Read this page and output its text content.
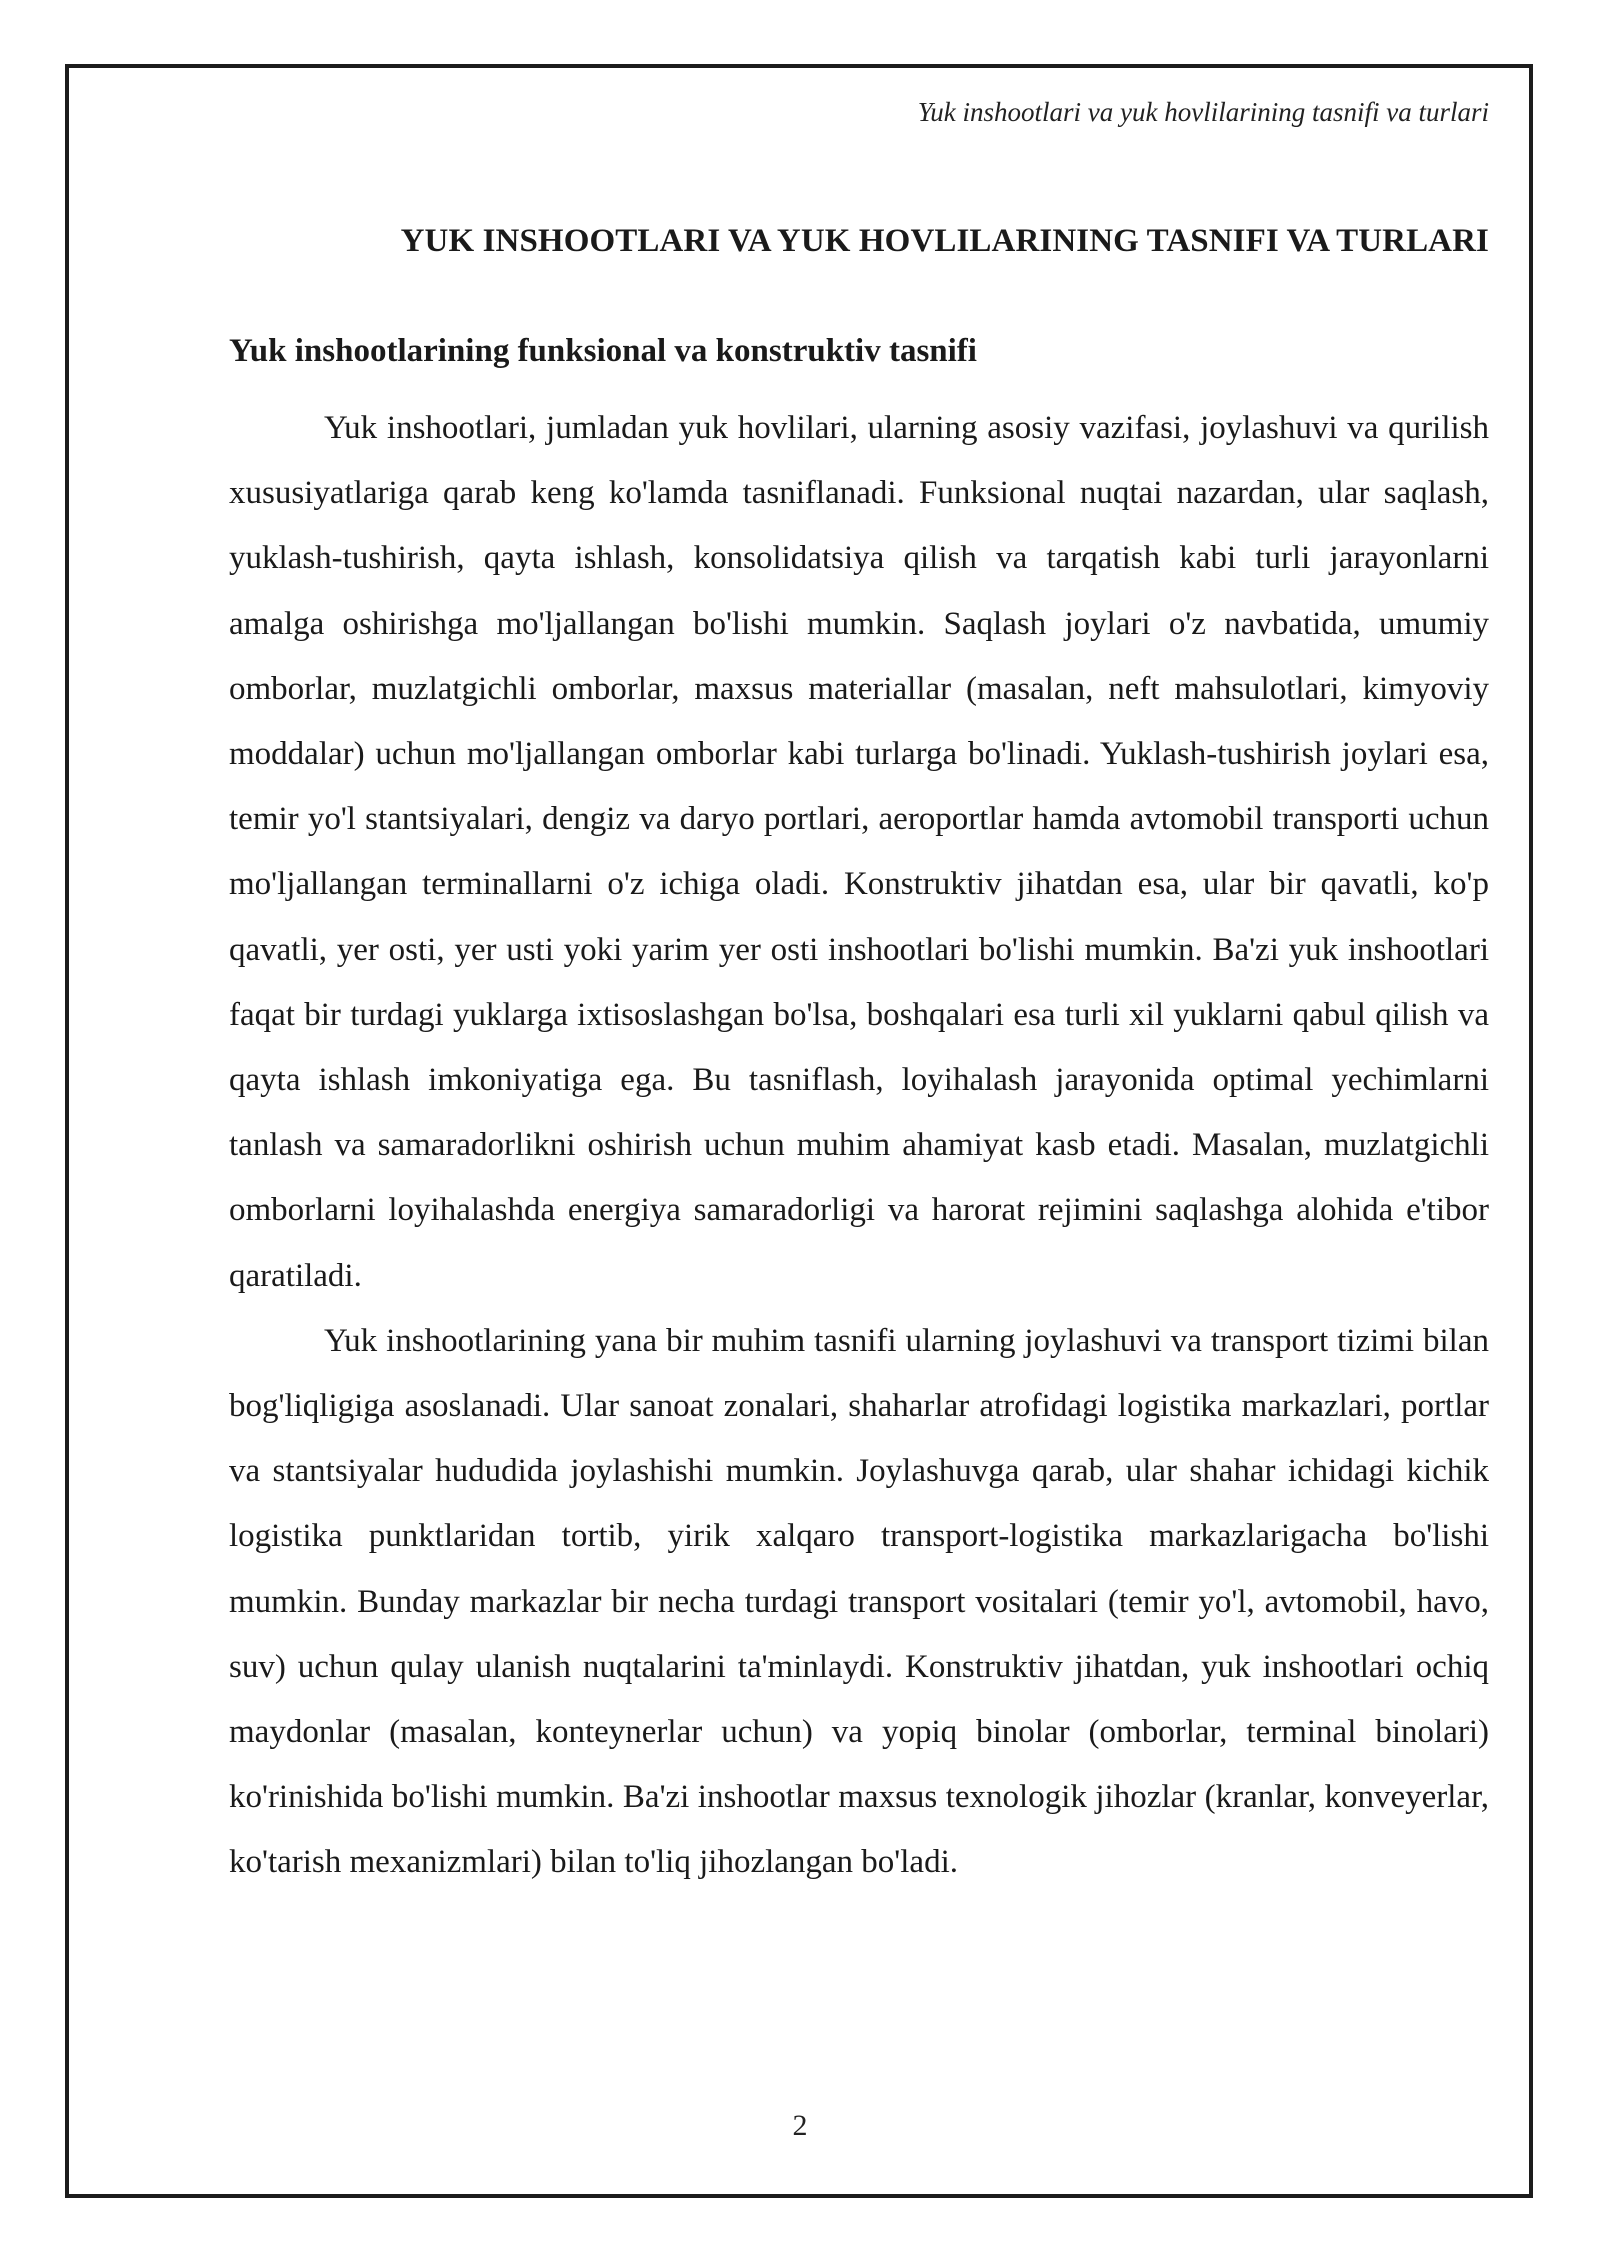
Yuk inshootlari va yuk hovlilarining tasnifi va turlari
YUK INSHOOTLARI VA YUK HOVLILARINING TASNIFI VA TURLARI
Yuk inshootlarining funksional va konstruktiv tasnifi

Yuk inshootlari, jumladan yuk hovlilari, ularning asosiy vazifasi, joylashuvi va qurilish xususiyatlariga qarab keng ko'lamda tasniflanadi. Funksional nuqtai nazardan, ular saqlash, yuklash-tushirish, qayta ishlash, konsolidatsiya qilish va tarqatish kabi turli jarayonlarni amalga oshirishga mo'ljallangan bo'lishi mumkin. Saqlash joylari o'z navbatida, umumiy omborlar, muzlatgichli omborlar, maxsus materiallar (masalan, neft mahsulotlari, kimyoviy moddalar) uchun mo'ljallangan omborlar kabi turlarga bo'linadi. Yuklash-tushirish joylari esa, temir yo'l stantsiyalari, dengiz va daryo portlari, aeroportlar hamda avtomobil transporti uchun mo'ljallangan terminallarni o'z ichiga oladi. Konstruktiv jihatdan esa, ular bir qavatli, ko'p qavatli, yer osti, yer usti yoki yarim yer osti inshootlari bo'lishi mumkin. Ba'zi yuk inshootlari faqat bir turdagi yuklarga ixtisoslashgan bo'lsa, boshqalari esa turli xil yuklarni qabul qilish va qayta ishlash imkoniyatiga ega. Bu tasniflash, loyihalash jarayonida optimal yechimlarni tanlash va samaradorlikni oshirish uchun muhim ahamiyat kasb etadi. Masalan, muzlatgichli omborlarni loyihalashda energiya samaradorligi va harorat rejimini saqlashga alohida e'tibor qaratiladi.

Yuk inshootlarining yana bir muhim tasnifi ularning joylashuvi va transport tizimi bilan bog'liqligiga asoslanadi. Ular sanoat zonalari, shaharlar atrofidagi logistika markazlari, portlar va stantsiyalar hududida joylashishi mumkin. Joylashuvga qarab, ular shahar ichidagi kichik logistika punktlaridan tortib, yirik xalqaro transport-logistika markazlarigacha bo'lishi mumkin. Bunday markazlar bir necha turdagi transport vositalari (temir yo'l, avtomobil, havo, suv) uchun qulay ulanish nuqtalarini ta'minlaydi. Konstruktiv jihatdan, yuk inshootlari ochiq maydonlar (masalan, konteynerlar uchun) va yopiq binolar (omborlar, terminal binolari) ko'rinishida bo'lishi mumkin. Ba'zi inshootlar maxsus texnologik jihozlar (kranlar, konveyerlar, ko'tarish mexanizmlari) bilan to'liq jihozlangan bo'ladi.

2
